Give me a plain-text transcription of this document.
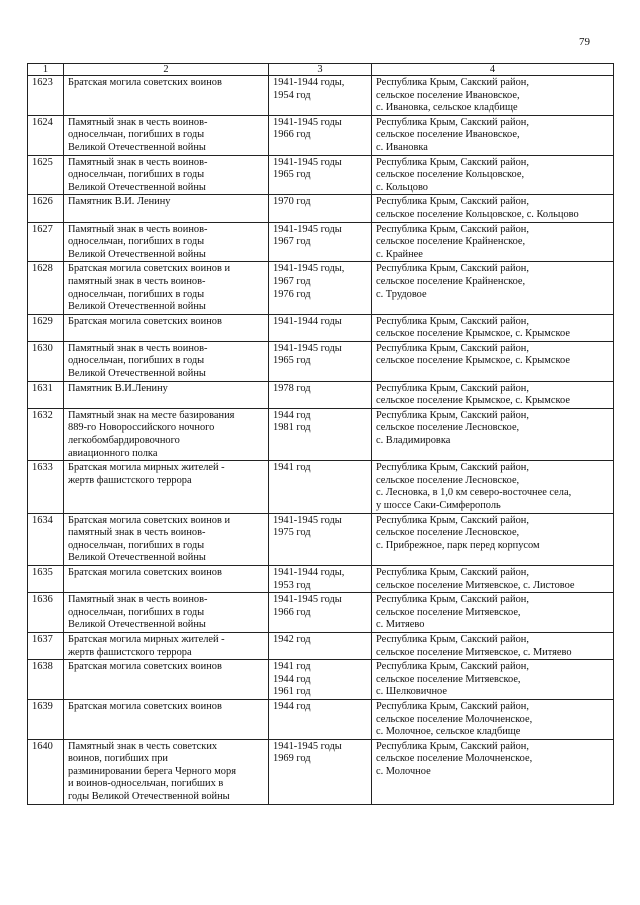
79
1	2	3	4
1623	Братская могила советских воинов	1941-1944 годы,
1954 год	Республика Крым, Сакский район,
сельское поселение Ивановское,
с. Ивановка, сельское кладбище

1624	Памятный знак в честь воинов-
односельчан, погибших в годы
Великой Отечественной войны	1941-1945 годы
1966 год	Республика Крым, Сакский район,
сельское поселение Ивановское,
с. Ивановка

1625	Памятный знак в честь воинов-
односельчан, погибших в годы
Великой Отечественной войны	1941-1945 годы
1965 год	Республика Крым, Сакский район,
сельское поселение Кольцовское,
с. Кольцово

1626	Памятник В.И. Ленину	1970 год	Республика Крым, Сакский район,
сельское поселение Кольцовское, с. Кольцово

1627	Памятный знак в честь воинов-
односельчан, погибших в годы
Великой Отечественной войны	1941-1945 годы
1967 год	Республика Крым, Сакский район,
сельское поселение Крайненское,
с. Крайнее

1628	Братская могила советских воинов и
памятный знак в честь воинов-
односельчан, погибших в годы
Великой Отечественной войны	1941-1945 годы,
1967 год
1976 год	Республика Крым, Сакский район,
сельское поселение Крайненское,
с. Трудовое

1629	Братская могила советских воинов	1941-1944 годы	Республика Крым, Сакский район,
сельское поселение Крымское, с. Крымское

1630	Памятный знак в честь воинов-
односельчан, погибших в годы
Великой Отечественной войны	1941-1945 годы
1965 год	Республика Крым, Сакский район,
сельское поселение Крымское, с. Крымское

1631	Памятник В.И.Ленину	1978 год	Республика Крым, Сакский район,
сельское поселение Крымское, с. Крымское

1632	Памятный знак на месте базирования
889-го Новороссийского ночного
легкобомбардировочного
авиационного полка	1944 год
1981 год	Республика Крым, Сакский район,
сельское поселение Лесновское,
с. Владимировка

1633	Братская могила мирных жителей -
жертв фашистского террора	1941 год	Республика Крым, Сакский район,
сельское поселение Лесновское,
с. Лесновка, в 1,0 км северо-восточнее села,
у шоссе Саки-Симферополь

1634	Братская могила советских воинов и
памятный знак в честь воинов-
односельчан, погибших в годы
Великой Отечественной войны	1941-1945 годы
1975 год	Республика Крым, Сакский район,
сельское поселение Лесновское,
с. Прибрежное, парк перед корпусом

1635	Братская могила советских воинов	1941-1944 годы,
1953 год	Республика Крым, Сакский район,
сельское поселение Митяевское, с. Листовое

1636	Памятный знак в честь воинов-
односельчан, погибших в годы
Великой Отечественной войны	1941-1945 годы
1966 год	Республика Крым, Сакский район,
сельское поселение Митяевское,
с. Митяево

1637	Братская могила мирных жителей -
жертв фашистского террора	1942 год	Республика Крым, Сакский район,
сельское поселение Митяевское, с. Митяево

1638	Братская могила советских воинов	1941 год
1944 год
1961 год	Республика Крым, Сакский район,
сельское поселение Митяевское,
с. Шелковичное

1639	Братская могила советских воинов	1944 год	Республика Крым, Сакский район,
сельское поселение Молочненское,
с. Молочное, сельское кладбище

1640	Памятный знак в честь советских
воинов, погибших при
разминировании берега Черного моря
и воинов-односельчан, погибших в
годы Великой Отечественной войны	1941-1945 годы
1969 год	Республика Крым, Сакский район,
сельское поселение Молочненское,
с. Молочное
